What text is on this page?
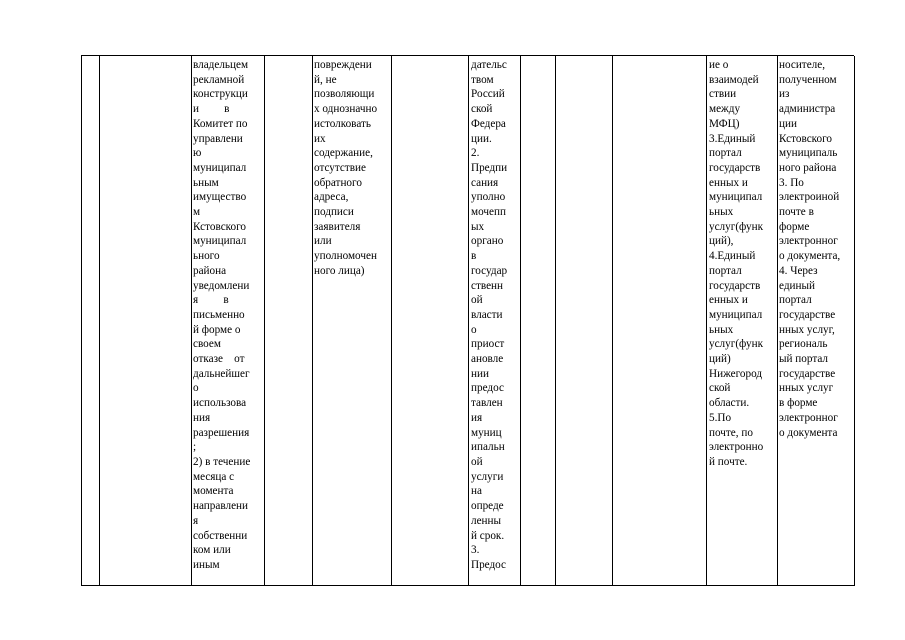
владельцем
рекламной
конструкци
и         в
Комитет по
управлени
ю
муниципал
ьным
имущество
м
Кстовского
муниципал
ьного
района
уведомлени
я         в
письменно
й форме о
своем
отказе    от
дальнейшег
о
использова
ния
разрешения
;
2) в течение
месяца с
момента
направлени
я
собственни
ком или
иным
повреждени
й, не
позволяющи
х однозначно
истолковать
их
содержание,
отсутствие
обратного
адреса,
подписи
заявителя
или
уполномочен
ного лица)
дательс
твом
Россий
ской
Федера
ции.
2.
Предпи
сания
уполно
мочепп
ых
органо
в
государ
ственн
ой
власти
о
приост
ановле
нии
предос
тавлен
ия
муниц
ипальн
ой
услуги
на
опреде
ленны
й срок.
3.
Предос
ие о
взаимодей
ствии
между
МФЦ)
3.Единый
портал
государств
енных и
муниципал
ьных
услуг(функ
ций),
4.Единый
портал
государств
енных и
муниципал
ьных
услуг(функ
ций)
Нижегород
ской
области.
5.По
почте, по
электронно
й почте.
носителе,
полученном
из
администра
ции
Кстовского
муниципаль
ного района
3. По
электроиной
почте в
форме
электронног
о документа,
4. Через
единый
портал
государстве
нных услуг,
региональ
ый портал
государстве
нных услуг
в форме
электронног
о документа
